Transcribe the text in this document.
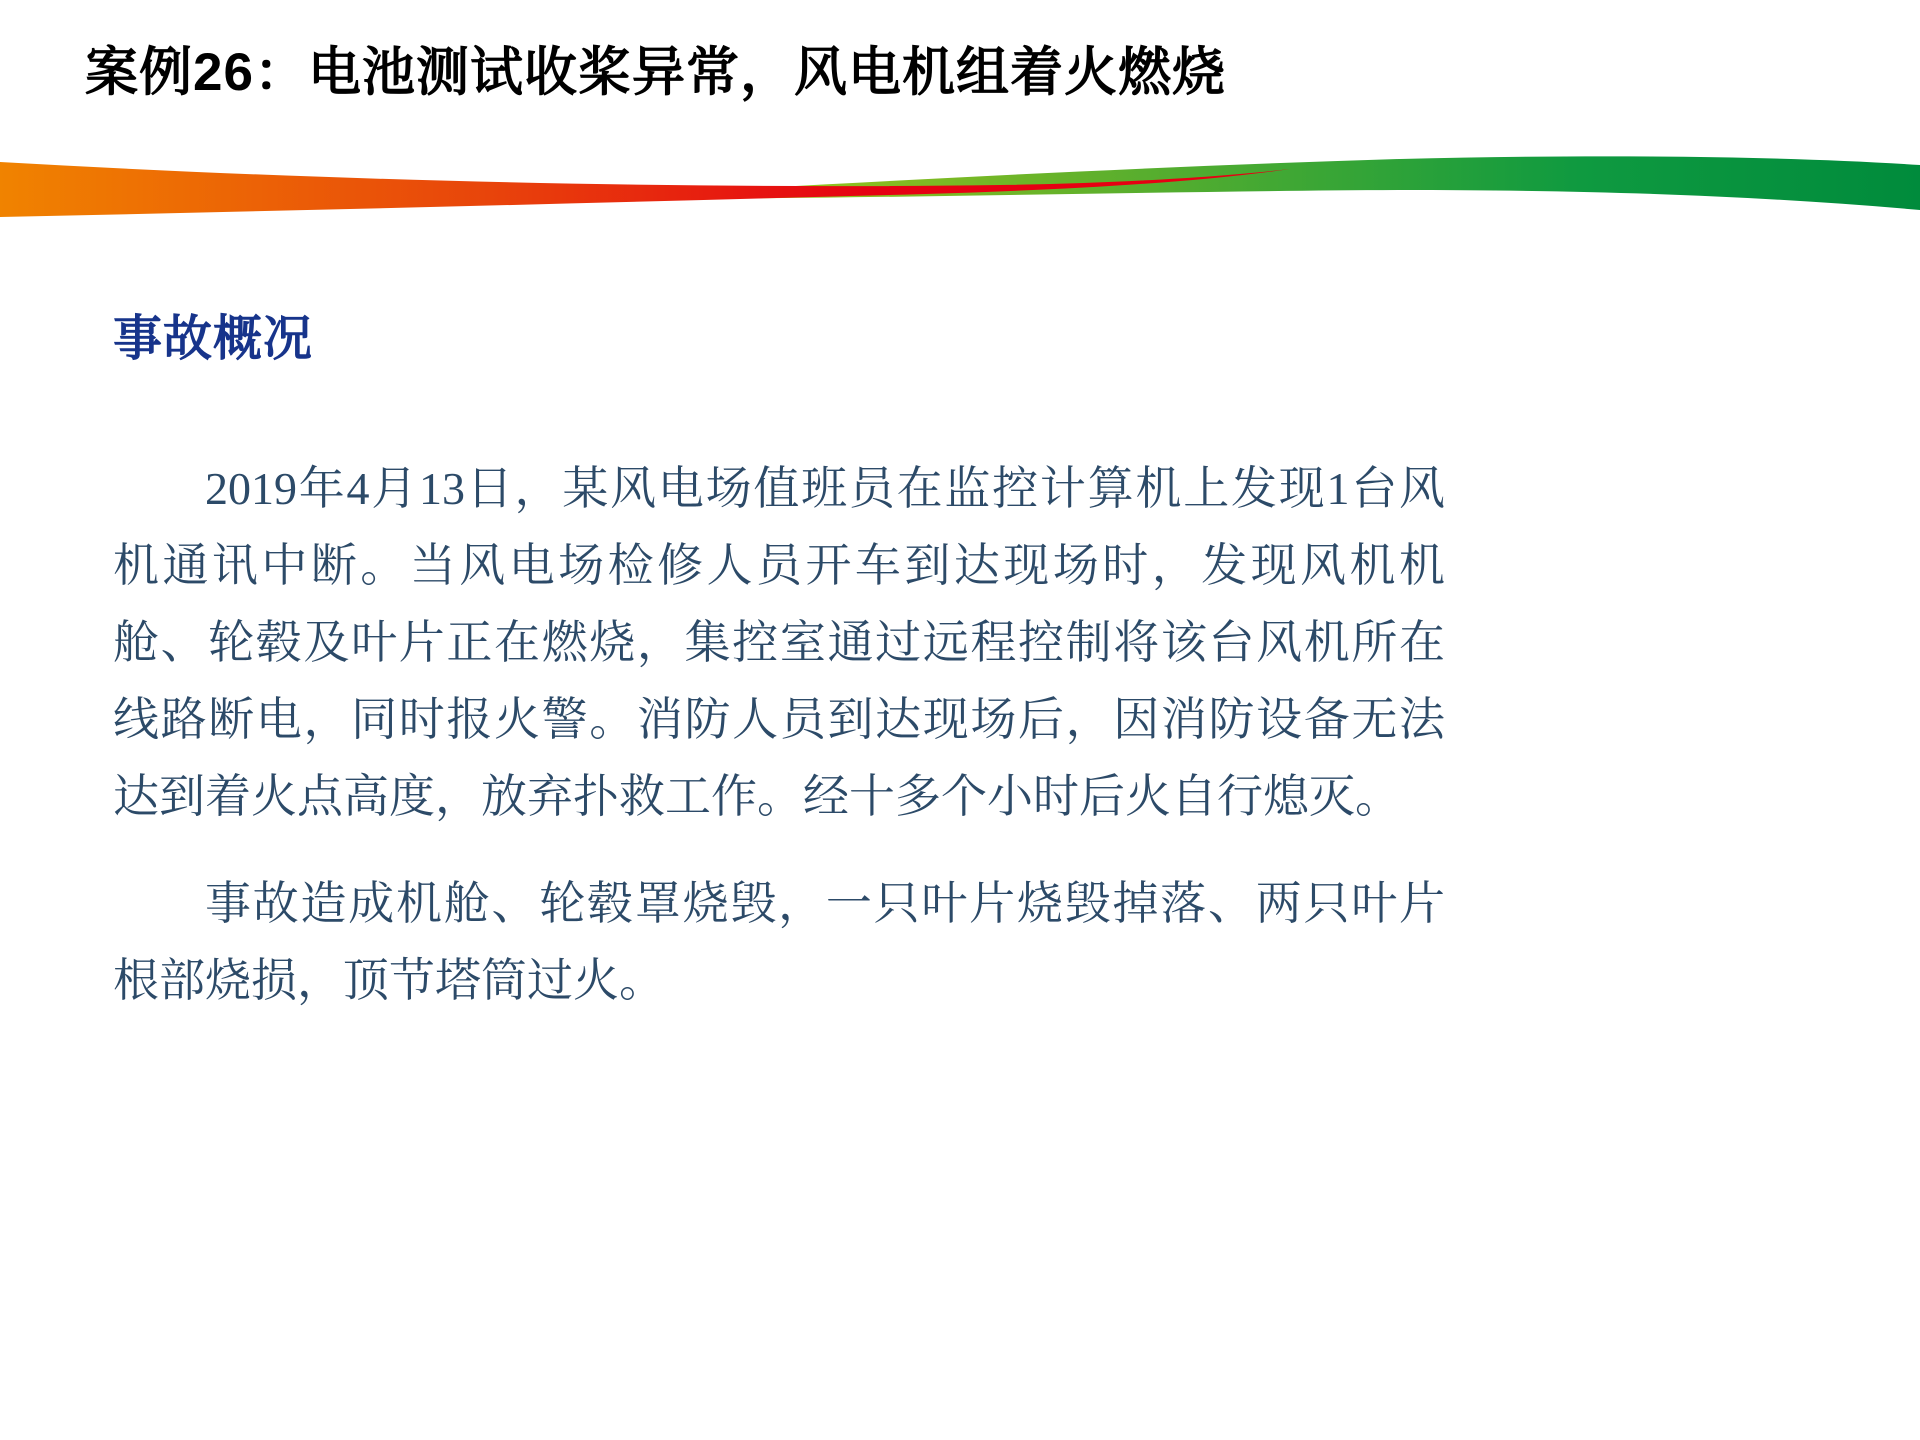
案例26：电池测试收桨异常，风电机组着火燃烧
事故概况

2019年4月13日，某风电场值班员在监控计算机上发现1台风机通讯中断。当风电场检修人员开车到达现场时，发现风机机舱、轮毂及叶片正在燃烧，集控室通过远程控制将该台风机所在线路断电，同时报火警。消防人员到达现场后，因消防设备无法达到着火点高度，放弃扑救工作。经十多个小时后火自行熄灭。

事故造成机舱、轮毂罩烧毁，一只叶片烧毁掉落、两只叶片根部烧损，顶节塔筒过火。
